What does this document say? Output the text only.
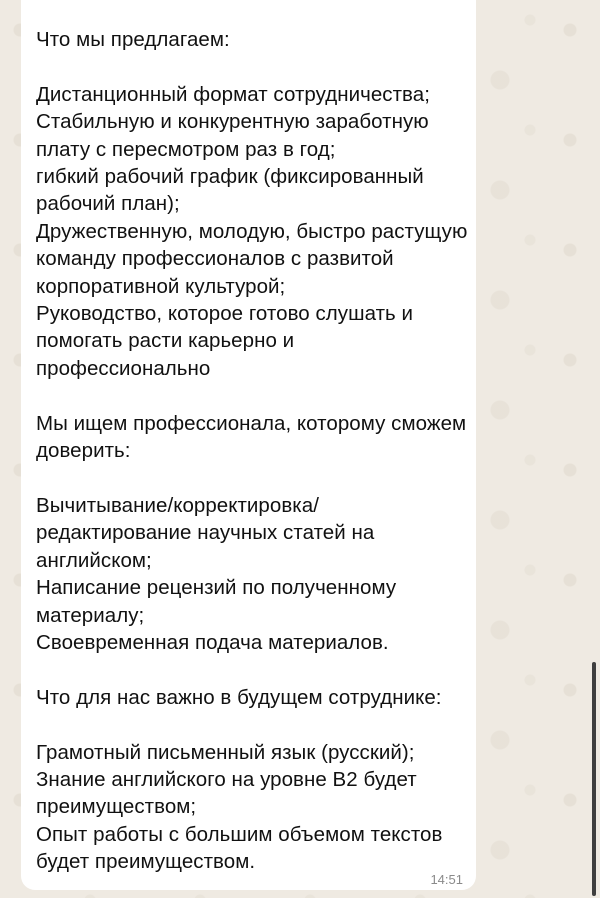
Что мы предлагаем:

Дистанционный формат сотрудничества;
Стабильную и конкурентную заработную плату с пересмотром раз в год;
гибкий рабочий график (фиксированный рабочий план);
Дружественную, молодую, быстро растущую команду профессионалов с развитой корпоративной культурой;
Руководство, которое готово слушать и помогать расти карьерно и профессионально

Мы ищем профессионала, которому сможем доверить:

Вычитывание/корректировка/редактирование научных статей на английском;
Написание рецензий по полученному материалу;
Своевременная подача материалов.

Что для нас важно в будущем сотруднике:

Грамотный письменный язык (русский);
Знание английского на уровне B2 будет преимуществом;
Опыт работы с большим объемом текстов будет преимуществом.

14:51
